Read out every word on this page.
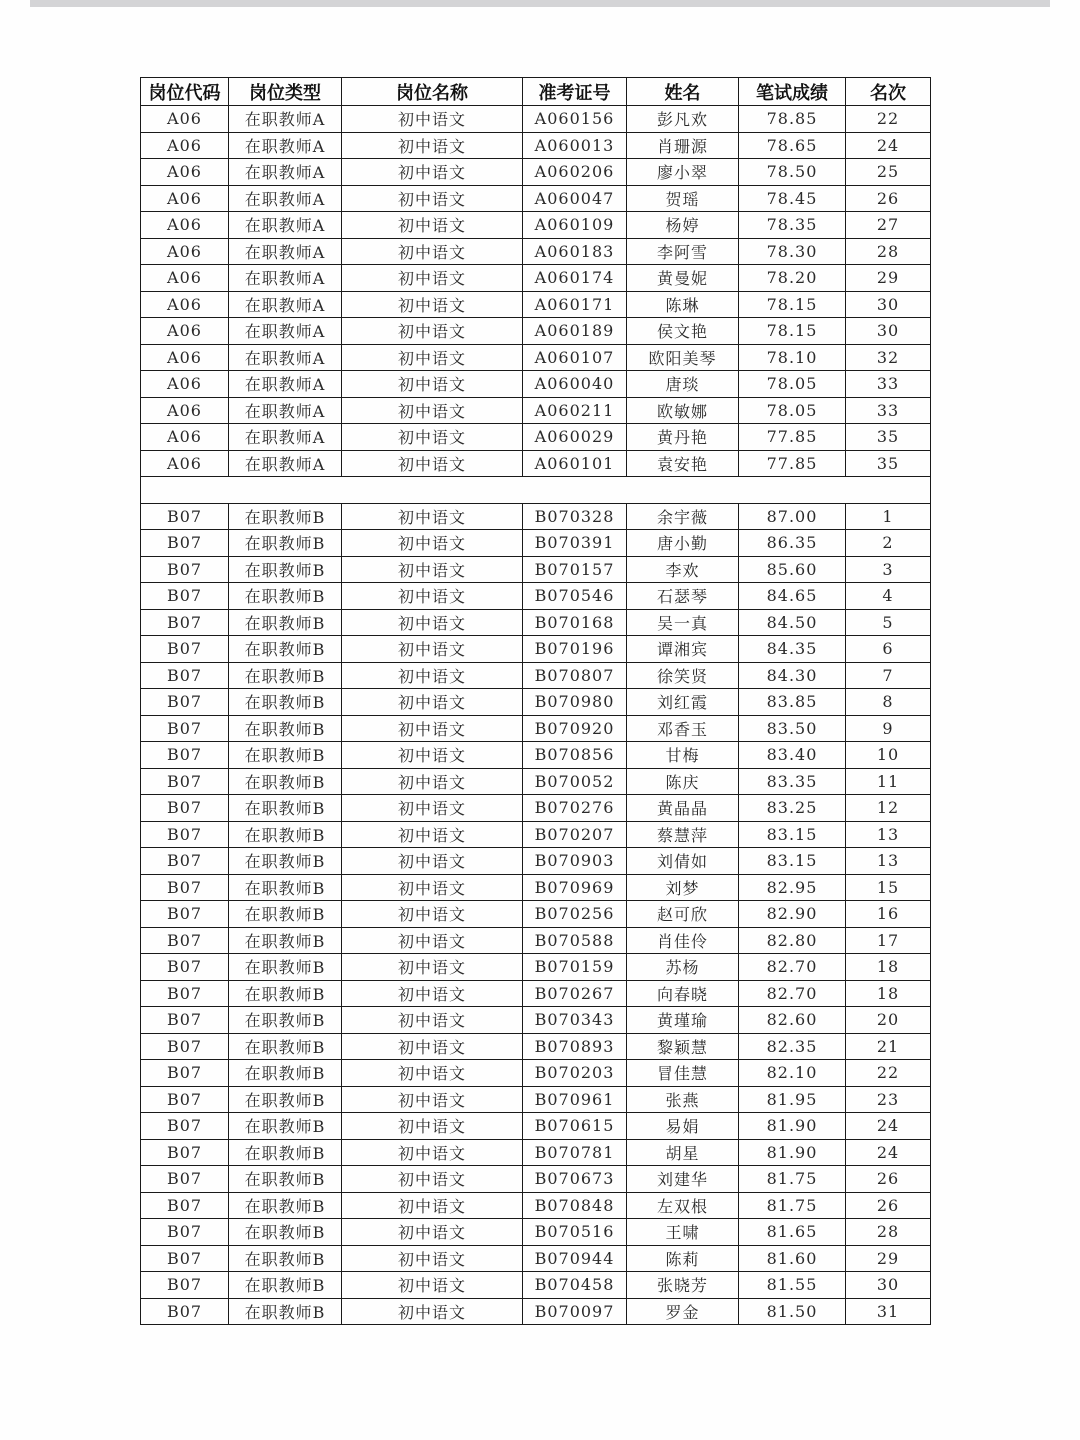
岗位代码	岗位类型	岗位名称	准考证号	姓名	笔试成绩	名次
A06	在职教师A	初中语文	A060156	彭凡欢	78.85	22
A06	在职教师A	初中语文	A060013	肖珊源	78.65	24
A06	在职教师A	初中语文	A060206	廖小翠	78.50	25
A06	在职教师A	初中语文	A060047	贺瑶	78.45	26
A06	在职教师A	初中语文	A060109	杨婷	78.35	27
A06	在职教师A	初中语文	A060183	李阿雪	78.30	28
A06	在职教师A	初中语文	A060174	黄曼妮	78.20	29
A06	在职教师A	初中语文	A060171	陈琳	78.15	30
A06	在职教师A	初中语文	A060189	侯文艳	78.15	30
A06	在职教师A	初中语文	A060107	欧阳美琴	78.10	32
A06	在职教师A	初中语文	A060040	唐琰	78.05	33
A06	在职教师A	初中语文	A060211	欧敏娜	78.05	33
A06	在职教师A	初中语文	A060029	黄丹艳	77.85	35
A06	在职教师A	初中语文	A060101	袁安艳	77.85	35

B07	在职教师B	初中语文	B070328	余宇薇	87.00	1
B07	在职教师B	初中语文	B070391	唐小勤	86.35	2
B07	在职教师B	初中语文	B070157	李欢	85.60	3
B07	在职教师B	初中语文	B070546	石瑟琴	84.65	4
B07	在职教师B	初中语文	B070168	吴一真	84.50	5
B07	在职教师B	初中语文	B070196	谭湘宾	84.35	6
B07	在职教师B	初中语文	B070807	徐笑贤	84.30	7
B07	在职教师B	初中语文	B070980	刘红霞	83.85	8
B07	在职教师B	初中语文	B070920	邓香玉	83.50	9
B07	在职教师B	初中语文	B070856	甘梅	83.40	10
B07	在职教师B	初中语文	B070052	陈庆	83.35	11
B07	在职教师B	初中语文	B070276	黄晶晶	83.25	12
B07	在职教师B	初中语文	B070207	蔡慧萍	83.15	13
B07	在职教师B	初中语文	B070903	刘倩如	83.15	13
B07	在职教师B	初中语文	B070969	刘梦	82.95	15
B07	在职教师B	初中语文	B070256	赵可欣	82.90	16
B07	在职教师B	初中语文	B070588	肖佳伶	82.80	17
B07	在职教师B	初中语文	B070159	苏杨	82.70	18
B07	在职教师B	初中语文	B070267	向春晓	82.70	18
B07	在职教师B	初中语文	B070343	黄瑾瑜	82.60	20
B07	在职教师B	初中语文	B070893	黎颖慧	82.35	21
B07	在职教师B	初中语文	B070203	冒佳慧	82.10	22
B07	在职教师B	初中语文	B070961	张燕	81.95	23
B07	在职教师B	初中语文	B070615	易娟	81.90	24
B07	在职教师B	初中语文	B070781	胡星	81.90	24
B07	在职教师B	初中语文	B070673	刘建华	81.75	26
B07	在职教师B	初中语文	B070848	左双根	81.75	26
B07	在职教师B	初中语文	B070516	王啸	81.65	28
B07	在职教师B	初中语文	B070944	陈莉	81.60	29
B07	在职教师B	初中语文	B070458	张晓芳	81.55	30
B07	在职教师B	初中语文	B070097	罗金	81.50	31
